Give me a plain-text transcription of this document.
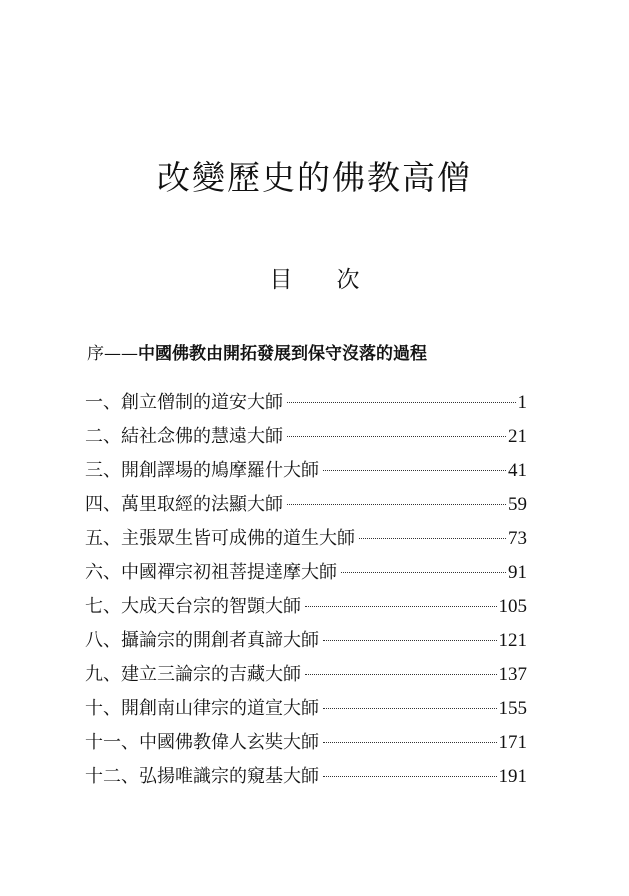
改變歷史的佛教高僧
目 次
序——中國佛教由開拓發展到保守沒落的過程
一、 創立僧制的道安大師	1
二、 結社念佛的慧遠大師	21
三、 開創譯場的鳩摩羅什大師	41
四、 萬里取經的法顯大師	59
五、 主張眾生皆可成佛的道生大師	73
六、 中國禪宗初祖菩提達摩大師	91
七、 大成天台宗的智顗大師	105
八、 攝論宗的開創者真諦大師	121
九、 建立三論宗的吉藏大師	137
十、 開創南山律宗的道宣大師	155
十一、 中國佛教偉人玄奘大師	171
十二、 弘揚唯識宗的窺基大師	191
